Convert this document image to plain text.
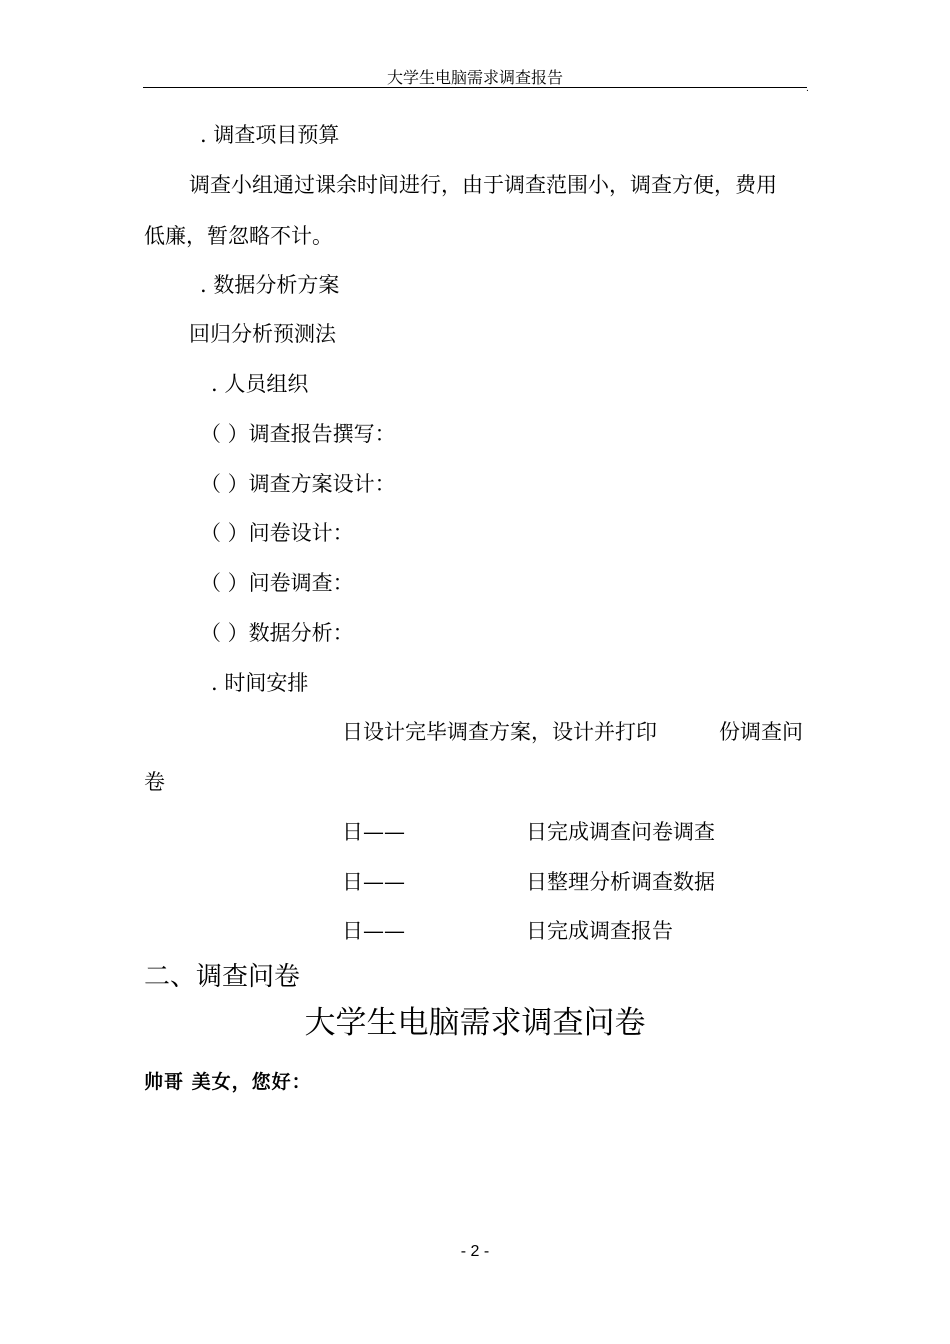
大学生电脑需求调查报告
.
. 调查项目预算
调查小组通过课余时间进行，由于调查范围小，调查方便，费用
低廉，暂忽略不计。
. 数据分析方案
回归分析预测法
. 人员组织
（ ）调查报告撰写：
（ ）调查方案设计：
（ ）问卷设计：
（ ）问卷调查：
（ ）数据分析：
. 时间安排
日设计完毕调查方案，设计并打印	份调查问
卷
日——	日完成调查问卷调查
日——	日整理分析调查数据
日——	日完成调查报告
二、调查问卷
大学生电脑需求调查问卷
帅哥 美女，您好：
- 2 -
